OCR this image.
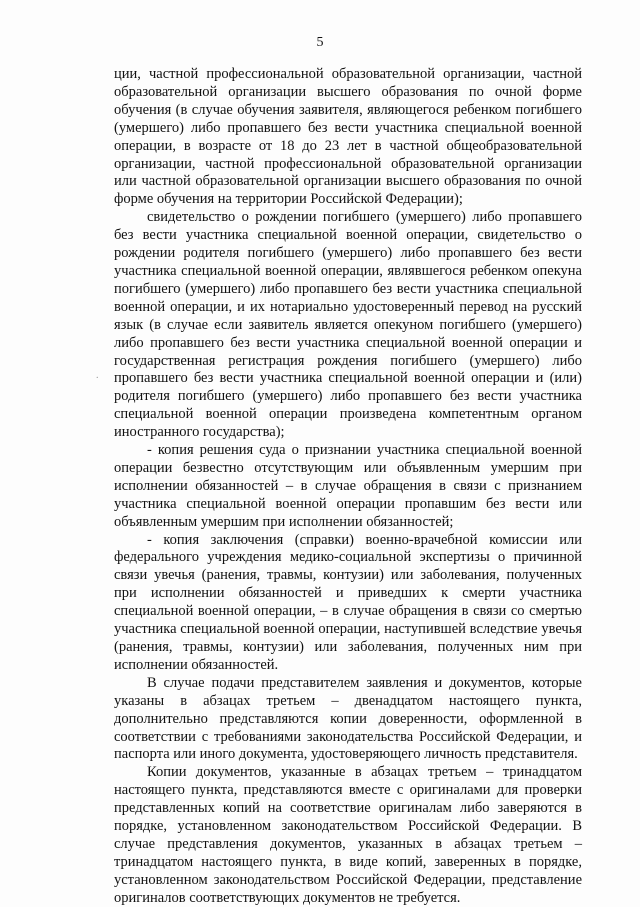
5
.

ции, частной профессиональной образовательной организации, частной образовательной организации высшего образования по очной форме обучения (в случае обучения заявителя, являющегося ребенком погибшего (умершего) либо пропавшего без вести участника специальной военной операции, в возрасте от 18 до 23 лет в частной общеобразовательной организации, частной профессиональной образовательной организации или частной образовательной организации высшего образования по очной форме обучения на территории Российской Федерации);

свидетельство о рождении погибшего (умершего) либо пропавшего без вести участника специальной военной операции, свидетельство о рождении родителя погибшего (умершего) либо пропавшего без вести участника специальной военной операции, являвшегося ребенком опекуна погибшего (умершего) либо пропавшего без вести участника специальной военной операции, и их нотариально удостоверенный перевод на русский язык (в случае если заявитель является опекуном погибшего (умершего) либо пропавшего без вести участника специальной военной операции и государственная регистрация рождения погибшего (умершего) либо пропавшего без вести участника специальной военной операции и (или) родителя погибшего (умершего) либо пропавшего без вести участника специальной военной операции произведена компетентным органом иностранного государства);

- копия решения суда о признании участника специальной военной операции безвестно отсутствующим или объявленным умершим при исполнении обязанностей – в случае обращения в связи с признанием участника специальной военной операции пропавшим без вести или объявленным умершим при исполнении обязанностей;

- копия заключения (справки) военно-врачебной комиссии или федерального учреждения медико-социальной экспертизы о причинной связи увечья (ранения, травмы, контузии) или заболевания, полученных при исполнении обязанностей и приведших к смерти участника специальной военной операции, – в случае обращения в связи со смертью участника специальной военной операции, наступившей вследствие увечья (ранения, травмы, контузии) или заболевания, полученных ним при исполнении обязанностей.

В случае подачи представителем заявления и документов, которые указаны в абзацах третьем – двенадцатом настоящего пункта, дополнительно представляются копии доверенности, оформленной в соответствии с требованиями законодательства Российской Федерации, и паспорта или иного документа, удостоверяющего личность представителя.

Копии документов, указанные в абзацах третьем – тринадцатом настоящего пункта, представляются вместе с оригиналами для проверки представленных копий на соответствие оригиналам либо заверяются в порядке, установленном законодательством Российской Федерации. В случае представления документов, указанных в абзацах третьем – тринадцатом настоящего пункта, в виде копий, заверенных в порядке, установленном законодательством Российской Федерации, представление оригиналов соответствующих документов не требуется.
